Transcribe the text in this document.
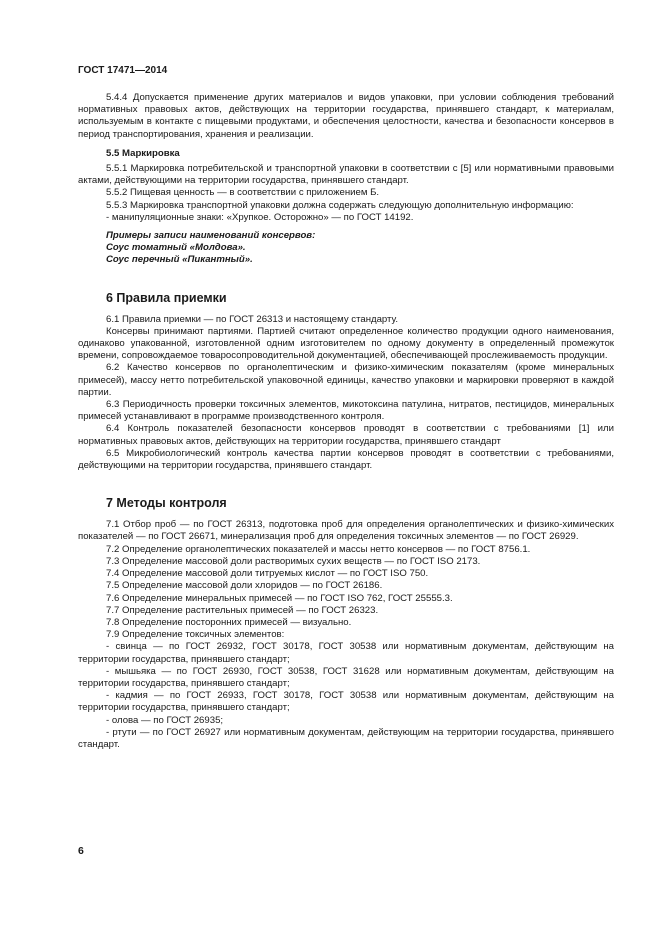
ГОСТ 17471—2014

5.4.4 Допускается применение других материалов и видов упаковки, при условии соблюдения требований нормативных правовых актов, действующих на территории государства, принявшего стандарт, к материалам, используемым в контакте с пищевыми продуктами, и обеспечения целостности, качества и безопасности консервов в период транспортирования, хранения и реализации.

5.5 Маркировка

5.5.1 Маркировка потребительской и транспортной упаковки в соответствии с [5] или нормативными правовыми актами, действующими на территории государства, принявшего стандарт.

5.5.2 Пищевая ценность — в соответствии с приложением Б.

5.5.3 Маркировка транспортной упаковки должна содержать следующую дополнительную информацию:

- манипуляционные знаки: «Хрупкое. Осторожно» — по ГОСТ 14192.

Примеры записи наименований консервов:

Соус томатный «Молдова».

Соус перечный «Пикантный».

6 Правила приемки

6.1 Правила приемки — по ГОСТ 26313 и настоящему стандарту.

Консервы принимают партиями. Партией считают определенное количество продукции одного наименования, одинаково упакованной, изготовленной одним изготовителем по одному документу в определенный промежуток времени, сопровождаемое товаросопроводительной документацией, обеспечивающей прослеживаемость продукции.

6.2 Качество консервов по органолептическим и физико-химическим показателям (кроме минеральных примесей), массу нетто потребительской упаковочной единицы, качество упаковки и маркировки проверяют в каждой партии.

6.3 Периодичность проверки токсичных элементов, микотоксина патулина, нитратов, пестицидов, минеральных примесей устанавливают в программе производственного контроля.

6.4 Контроль показателей безопасности консервов проводят в соответствии с требованиями [1] или нормативных правовых актов, действующих на территории государства, принявшего стандарт

6.5 Микробиологический контроль качества партии консервов проводят в соответствии с требованиями, действующими на территории государства, принявшего стандарт.

7 Методы контроля

7.1 Отбор проб — по ГОСТ 26313, подготовка проб для определения органолептических и физико-химических показателей — по ГОСТ 26671, минерализация проб для определения токсичных элементов — по ГОСТ 26929.

7.2 Определение органолептических показателей и массы нетто консервов — по ГОСТ 8756.1.

7.3 Определение массовой доли растворимых сухих веществ — по ГОСТ ISO 2173.

7.4 Определение массовой доли титруемых кислот — по ГОСТ ISO 750.

7.5 Определение массовой доли хлоридов — по ГОСТ 26186.

7.6 Определение минеральных примесей — по ГОСТ ISO 762, ГОСТ 25555.3.

7.7 Определение растительных примесей — по ГОСТ 26323.

7.8 Определение посторонних примесей — визуально.

7.9 Определение токсичных элементов:

- свинца — по ГОСТ 26932, ГОСТ 30178, ГОСТ 30538 или нормативным документам, действующим на территории государства, принявшего стандарт;

- мышьяка — по ГОСТ 26930, ГОСТ 30538, ГОСТ 31628 или нормативным документам, действующим на территории государства, принявшего стандарт;

- кадмия — по ГОСТ 26933, ГОСТ 30178, ГОСТ 30538 или нормативным документам, действующим на территории государства, принявшего стандарт;

- олова — по ГОСТ 26935;

- ртути — по ГОСТ 26927 или нормативным документам, действующим на территории государства, принявшего стандарт.

6
